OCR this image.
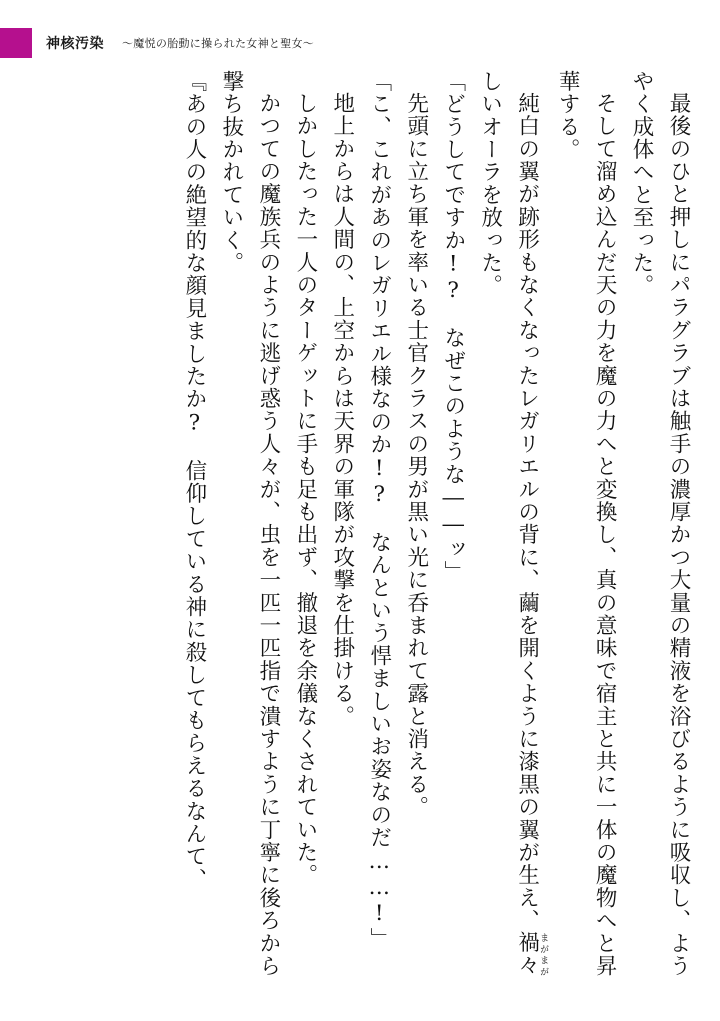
神核汚染 ～魔悦の胎動に操られた女神と聖女～

最後のひと押しにパラグラブは触手の濃厚かつ大量の精液を浴びるように吸収し、ようやく成体へと至った。

そして溜め込んだ天の力を魔の力へと変換し、真の意味で宿主と共に一体の魔物へと昇華する。

純白の翼が跡形もなくなったレガリエルの背に、繭を開くように漆黒の翼が生え、禍々まがまがしいオーラを放った。

「どうしてですか!?　なぜこのような――ッ」

先頭に立ち軍を率いる士官クラスの男が黒い光に呑まれて露と消える。

「こ、これがあのレガリエル様なのか!?　なんという悍ましいお姿なのだ……!」

地上からは人間の、上空からは天界の軍隊が攻撃を仕掛ける。

しかしたった一人のターゲットに手も足も出ず、撤退を余儀なくされていた。

かつての魔族兵のように逃げ惑う人々が、虫を一匹一匹指で潰すように丁寧に後ろから撃ち抜かれていく。

『あの人の絶望的な顔見ましたか?　信仰している神に殺してもらえるなんて、
